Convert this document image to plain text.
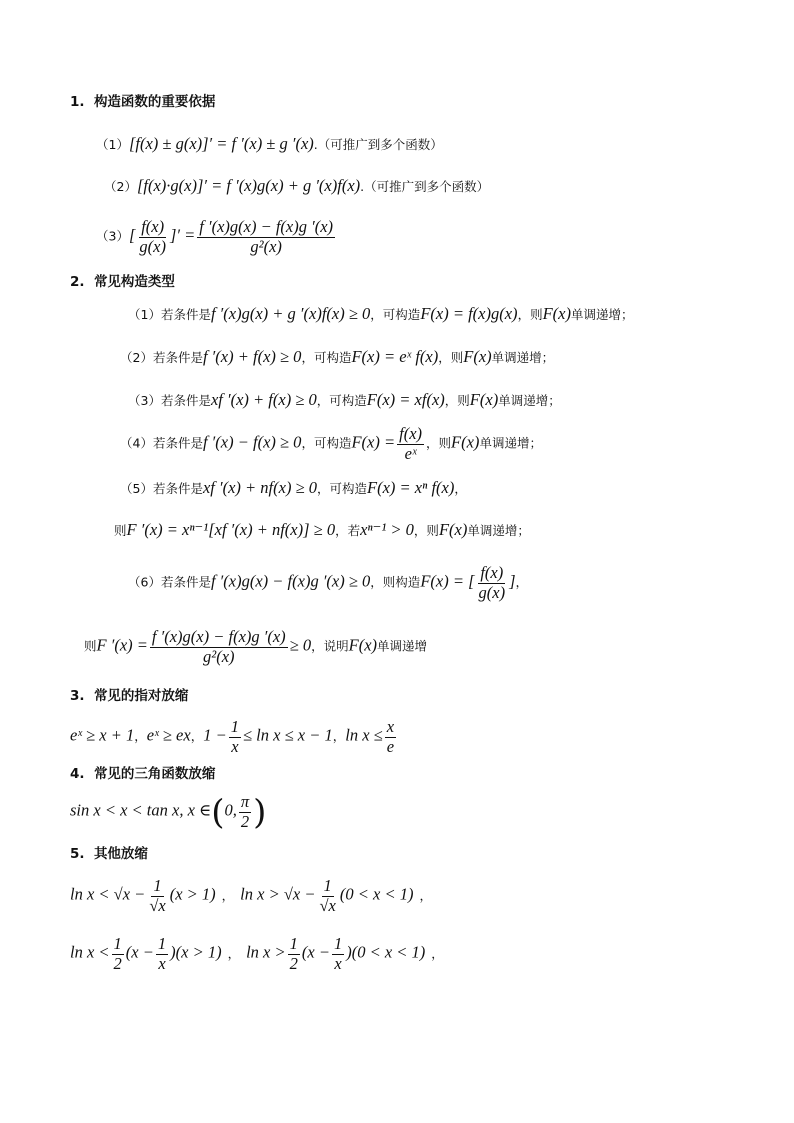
1. 构造函数的重要依据
（1）[f(x) ± g(x)]′ = f ′(x) ± g ′(x).（可推广到多个函数）
（2）[f(x)·g(x)]′ = f ′(x)g(x) + g ′(x)f(x).（可推广到多个函数）
$(3)[ \frac{f(x)}{g(x)}$ ]′ = $\frac{f '(x)g(x) - f(x)g '(x)}{\text{g²(x)}}$
2. 常见构造类型
（1）若条件是f ′(x)g(x) + g ′(x)f(x) ≥ 0，可构造F(x) = f(x)g(x)，则F(x)单调递增；
（2）若条件是f ′(x) + f(x) ≥ 0，可构造F(x) = eˣ f(x)，则F(x)单调递增；
（3）若条件是xf ′(x) + f(x) ≥ 0，可构造F(x) = xf(x)，则F(x)单调递增；
（4）若条件是f ′(x) − f(x) ≥ 0，可构造$F(x) = \frac{f(x)}{\text{eˣ}}$ ，则F(x)单调递增；
（5）若条件是xf ′(x) + nf(x) ≥ 0，可构造F(x) = xⁿ f(x)，
则F ′(x) = xⁿ⁻¹[xf ′(x) + nf(x)] ≥ 0，若xⁿ⁻¹ > 0，则F(x)单调递增；
（6）若条件是f ′(x)g(x) − f(x)g ′(x) ≥ 0，则构造F(x) = [ $\frac{f(x)}{g(x)}$ ]，
则F $'(x) = \frac{f '(x)g(x) - f(x)g '(x)}{\text{g²(x)}} \ge 0$，说明F(x)单调递增
3. 常见的指对放缩
eˣ ≥ x + 1，eˣ ≥ ex，$1 - \frac{1}{x} \le \ln x \le x - 1$，$\ln x \le \frac{x}{e}$
4. 常见的三角函数放缩
sin x < x < tan x, x ∈(0, $\frac{\pi}{2}$ )
5. 其他放缩
$\ln x < √x - \frac{1}{√x} (x > 1)$ ， $\ln x > √x - \frac{1}{√x} (0 < x < 1)$ ，
$\ln x < \frac{1}{2} (x - \frac{1}{x} )(x > 1)$ ， $\ln x > \frac{1}{2} (x - \frac{1}{x} )(0 < x < 1)$ ，
